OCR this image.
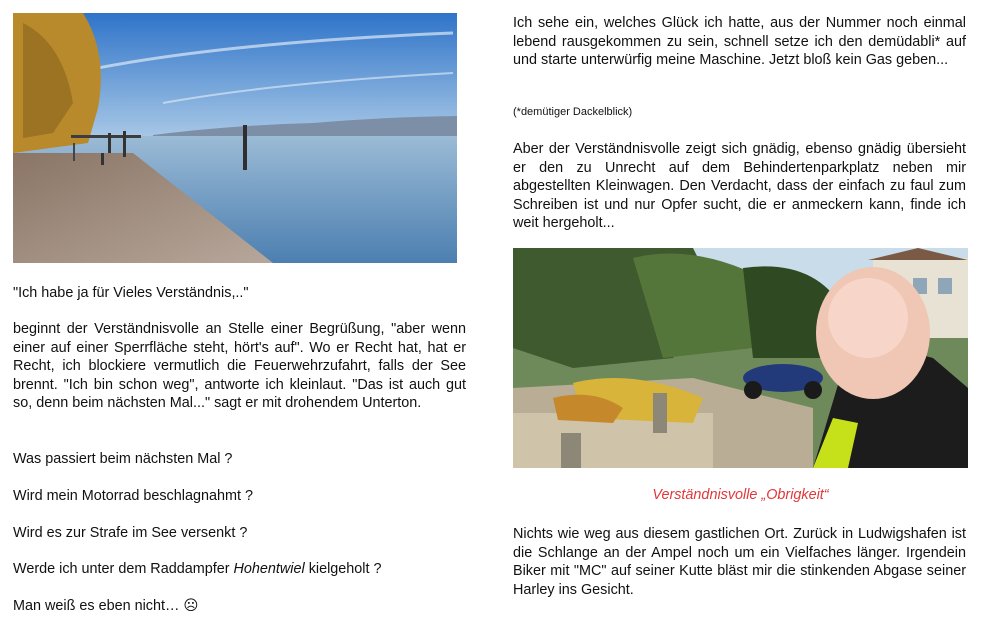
"Ich habe ja für Vieles Verständnis,.."

beginnt der Verständnisvolle an Stelle einer Begrüßung, "aber wenn einer auf einer Sperrfläche steht, hört's auf". Wo er Recht hat, hat er Recht, ich blockiere vermutlich die Feuerwehrzufahrt, falls der See brennt. "Ich bin schon weg", antworte ich kleinlaut. "Das ist auch gut so, denn beim nächsten Mal..." sagt er mit drohendem Unterton.

Was passiert beim nächsten Mal ?

Wird mein Motorrad beschlagnahmt ?

Wird es zur Strafe im See versenkt ?

Werde ich unter dem Raddampfer Hohentwiel kielgeholt ?

Man weiß es eben nicht… ☹

Ich sehe ein, welches Glück ich hatte, aus der Nummer noch einmal lebend rausgekommen zu sein, schnell setze ich den demüdabli* auf und starte unterwürfig meine Maschine. Jetzt bloß kein Gas geben...

(*demütiger Dackelblick)

Aber der Verständnisvolle zeigt sich gnädig, ebenso gnädig übersieht er den zu Unrecht auf dem Behindertenparkplatz neben mir abgestellten Kleinwagen. Den Verdacht, dass der einfach zu faul zum Schreiben ist und nur Opfer sucht, die er anmeckern kann, finde ich weit hergeholt...

Nichts wie weg aus diesem gastlichen Ort. Zurück in Ludwigshafen ist die Schlange an der Ampel noch um ein Vielfaches länger. Irgendein Biker mit "MC" auf seiner Kutte bläst mir die stinkenden Abgase seiner Harley ins Gesicht.

Verständnisvolle „Obrigkeit“
